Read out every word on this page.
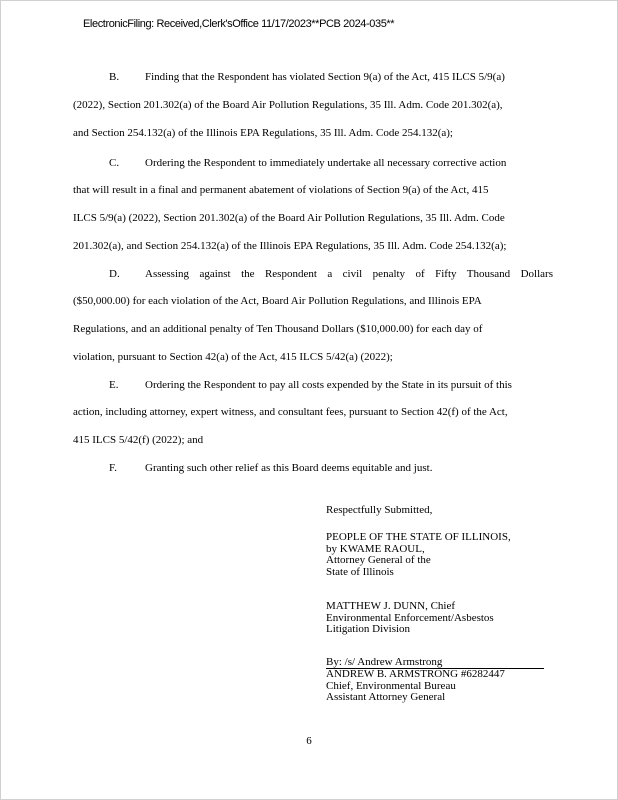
ElectronicFiling: Received,Clerk'sOffice 11/17/2023**PCB 2024-035**
B. Finding that the Respondent has violated Section 9(a) of the Act, 415 ILCS 5/9(a)
(2022), Section 201.302(a) of the Board Air Pollution Regulations, 35 Ill. Adm. Code 201.302(a),
and Section 254.132(a) of the Illinois EPA Regulations, 35 Ill. Adm. Code 254.132(a);
C. Ordering the Respondent to immediately undertake all necessary corrective action
that will result in a final and permanent abatement of violations of Section 9(a) of the Act, 415
ILCS 5/9(a) (2022), Section 201.302(a) of the Board Air Pollution Regulations, 35 Ill. Adm. Code
201.302(a), and Section 254.132(a) of the Illinois EPA Regulations, 35 Ill. Adm. Code 254.132(a);
D. Assessing against the Respondent a civil penalty of Fifty Thousand Dollars
($50,000.00) for each violation of the Act, Board Air Pollution Regulations, and Illinois EPA
Regulations, and an additional penalty of Ten Thousand Dollars ($10,000.00) for each day of
violation, pursuant to Section 42(a) of the Act, 415 ILCS 5/42(a) (2022);
E. Ordering the Respondent to pay all costs expended by the State in its pursuit of this
action, including attorney, expert witness, and consultant fees, pursuant to Section 42(f) of the Act,
415 ILCS 5/42(f) (2022); and
F.	Granting such other relief as this Board deems equitable and just.
Respectfully Submitted,
PEOPLE OF THE STATE OF ILLINOIS,
by KWAME RAOUL,
Attorney General of the
State of Illinois
MATTHEW J. DUNN, Chief
Environmental Enforcement/Asbestos
Litigation Division
By: /s/ Andrew Armstrong
ANDREW B. ARMSTRONG #6282447
Chief, Environmental Bureau
Assistant Attorney General
6
